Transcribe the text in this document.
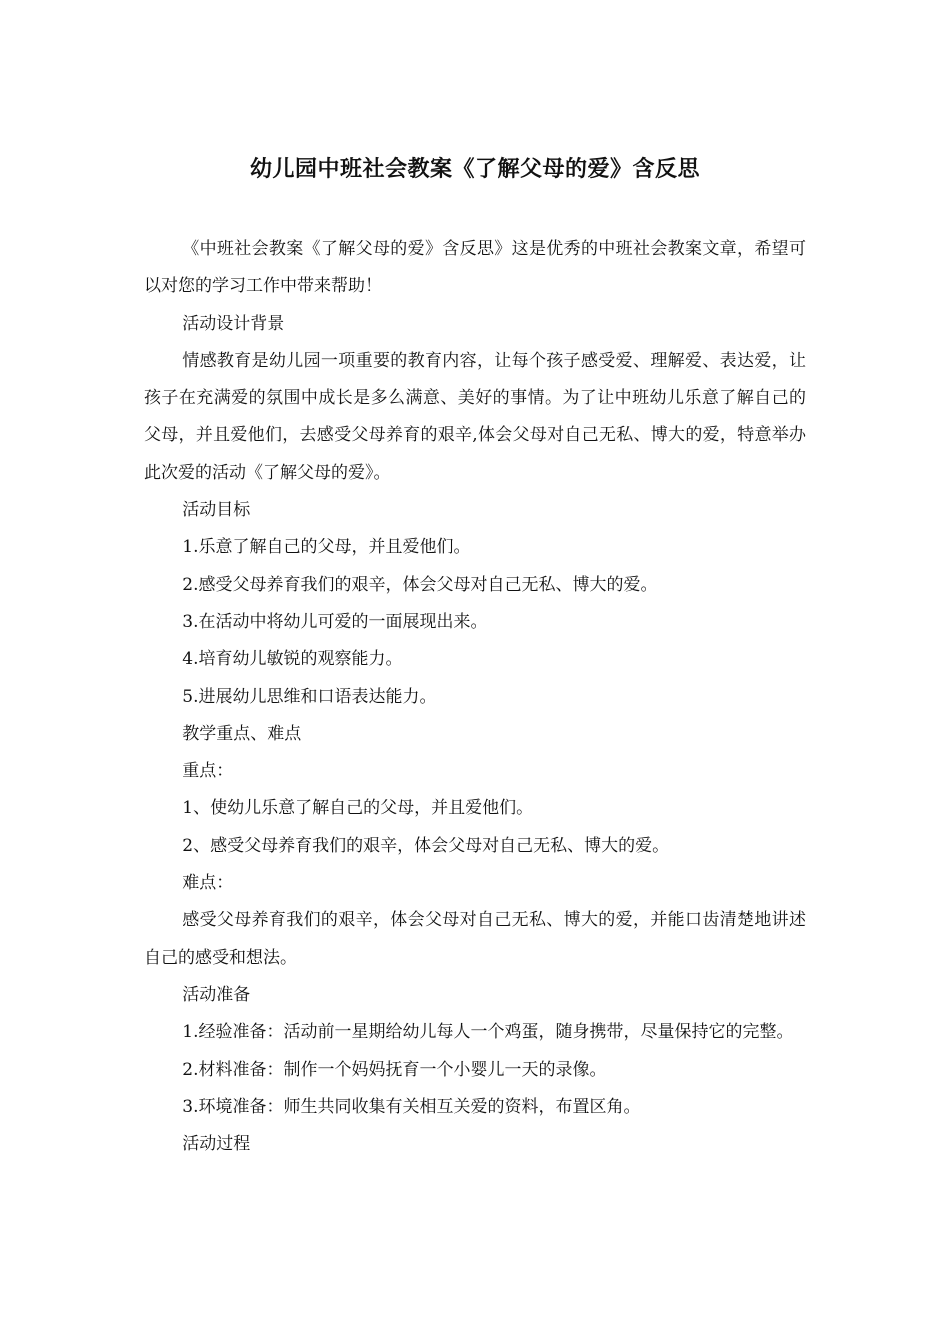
幼儿园中班社会教案《了解父母的爱》含反思

《中班社会教案《了解父母的爱》含反思》这是优秀的中班社会教案文章，希望可以对您的学习工作中带来帮助！

活动设计背景

情感教育是幼儿园一项重要的教育内容，让每个孩子感受爱、理解爱、表达爱，让孩子在充满爱的氛围中成长是多么满意、美好的事情。为了让中班幼儿乐意了解自己的父母，并且爱他们，去感受父母养育的艰辛,体会父母对自己无私、博大的爱，特意举办此次爱的活动《了解父母的爱》。

活动目标

1.乐意了解自己的父母，并且爱他们。

2.感受父母养育我们的艰辛，体会父母对自己无私、博大的爱。

3.在活动中将幼儿可爱的一面展现出来。

4.培育幼儿敏锐的观察能力。

5.进展幼儿思维和口语表达能力。

教学重点、难点

重点：

1、使幼儿乐意了解自己的父母，并且爱他们。

2、感受父母养育我们的艰辛，体会父母对自己无私、博大的爱。

难点：

感受父母养育我们的艰辛，体会父母对自己无私、博大的爱，并能口齿清楚地讲述自己的感受和想法。

活动准备

1.经验准备：活动前一星期给幼儿每人一个鸡蛋，随身携带，尽量保持它的完整。

2.材料准备：制作一个妈妈抚育一个小婴儿一天的录像。

3.环境准备：师生共同收集有关相互关爱的资料，布置区角。

活动过程
